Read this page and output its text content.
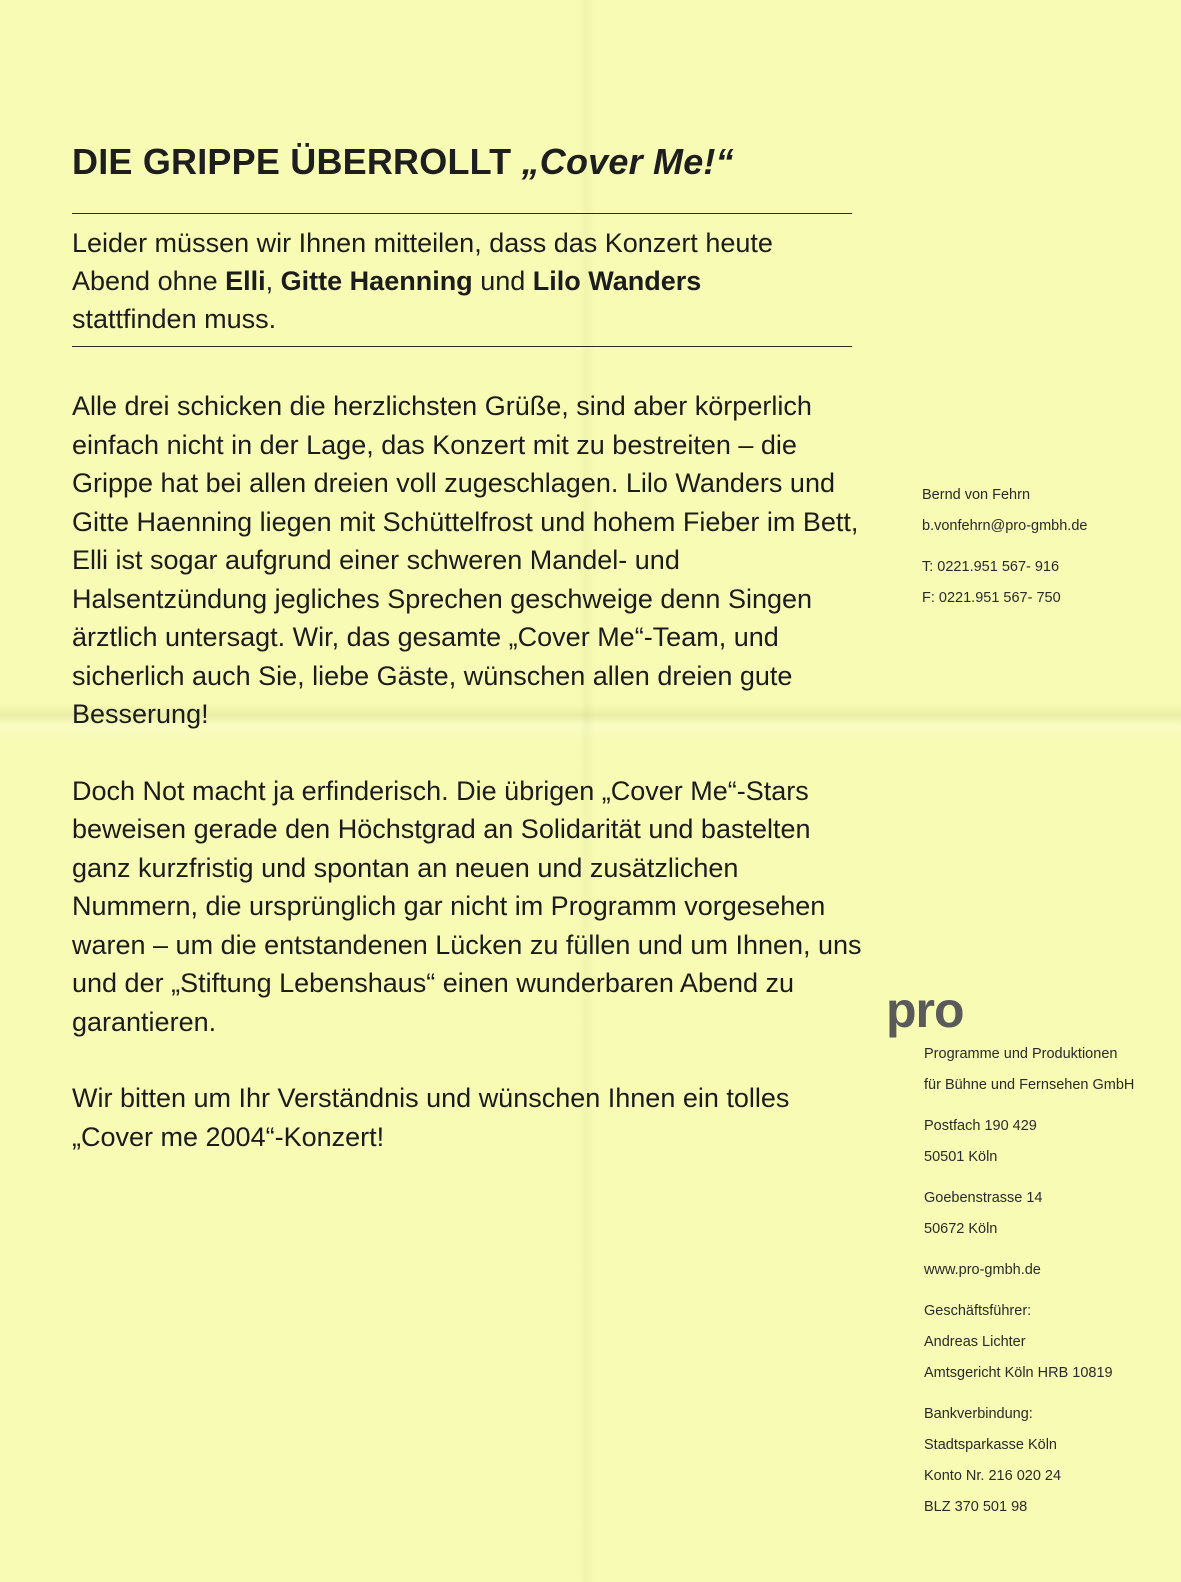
DIE GRIPPE ÜBERROLLT „Cover Me!“

Leider müssen wir Ihnen mitteilen, dass das Konzert heute Abend ohne Elli, Gitte Haenning und Lilo Wanders stattfinden muss.

Alle drei schicken die herzlichsten Grüße, sind aber körperlich einfach nicht in der Lage, das Konzert mit zu bestreiten – die Grippe hat bei allen dreien voll zugeschlagen. Lilo Wanders und Gitte Haenning liegen mit Schüttelfrost und hohem Fieber im Bett, Elli ist sogar aufgrund einer schweren Mandel- und Halsentzündung jegliches Sprechen geschweige denn Singen ärztlich untersagt. Wir, das gesamte „Cover Me“-Team, und sicherlich auch Sie, liebe Gäste, wünschen allen dreien gute Besserung!

Doch Not macht ja erfinderisch. Die übrigen „Cover Me“-Stars beweisen gerade den Höchstgrad an Solidarität und bastelten ganz kurzfristig und spontan an neuen und zusätzlichen Nummern, die ursprünglich gar nicht im Programm vorgesehen waren – um die entstandenen Lücken zu füllen und um Ihnen, uns und der „Stiftung Lebenshaus“ einen wunderbaren Abend zu garantieren.

Wir bitten um Ihr Verständnis und wünschen Ihnen ein tolles „Cover me 2004“-Konzert!

Bernd von Fehrn
b.vonfehrn@pro-gmbh.de
T: 0221.951 567- 916
F: 0221.951 567- 750
pro
Programme und Produktionen
für Bühne und Fernsehen GmbH
Postfach 190 429
50501 Köln
Goebenstrasse 14
50672 Köln
www.pro-gmbh.de
Geschäftsführer:
Andreas Lichter
Amtsgericht Köln HRB 10819
Bankverbindung:
Stadtsparkasse Köln
Konto Nr. 216 020 24
BLZ 370 501 98
